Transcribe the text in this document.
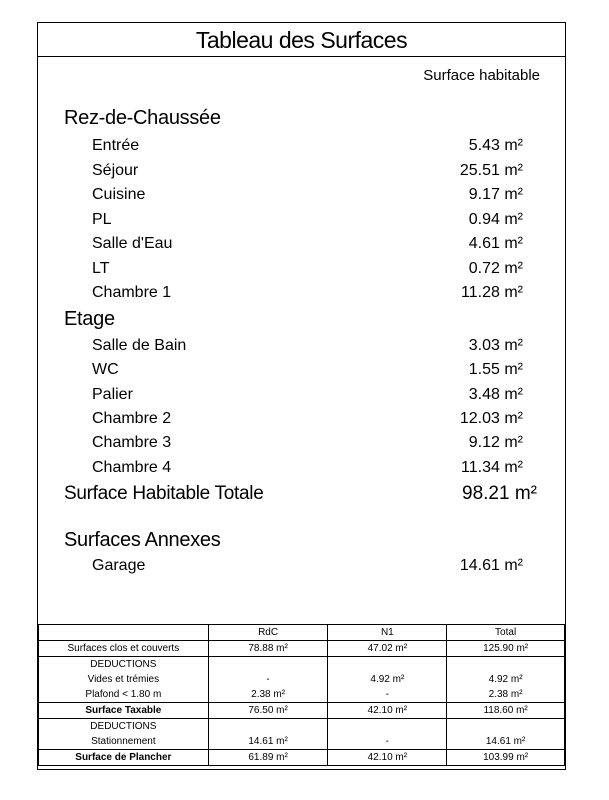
Tableau des Surfaces
Surface habitable
Rez-de-Chaussée
Entrée	5.43 m²
Séjour	25.51 m²
Cuisine	9.17 m²
PL	0.94 m²
Salle d'Eau	4.61 m²
LT	0.72 m²
Chambre 1	11.28 m²
Etage
Salle de Bain	3.03 m²
WC	1.55 m²
Palier	3.48 m²
Chambre 2	12.03 m²
Chambre 3	9.12 m²
Chambre 4	11.34 m²
Surface Habitable Totale	98.21 m²
Surfaces Annexes
Garage	14.61 m²
	RdC	N1	Total
Surfaces clos et couverts	78.88 m²	47.02 m²	125.90 m²
DEDUCTIONS			
Vides et trémies	-	4.92 m²	4.92 m²
Plafond < 1.80 m	2.38 m²	-	2.38 m²
Surface Taxable	76.50 m²	42.10 m²	118.60 m²
DEDUCTIONS			
Stationnement	14.61 m²	-	14.61 m²
Surface de Plancher	61.89 m²	42.10 m²	103.99 m²
